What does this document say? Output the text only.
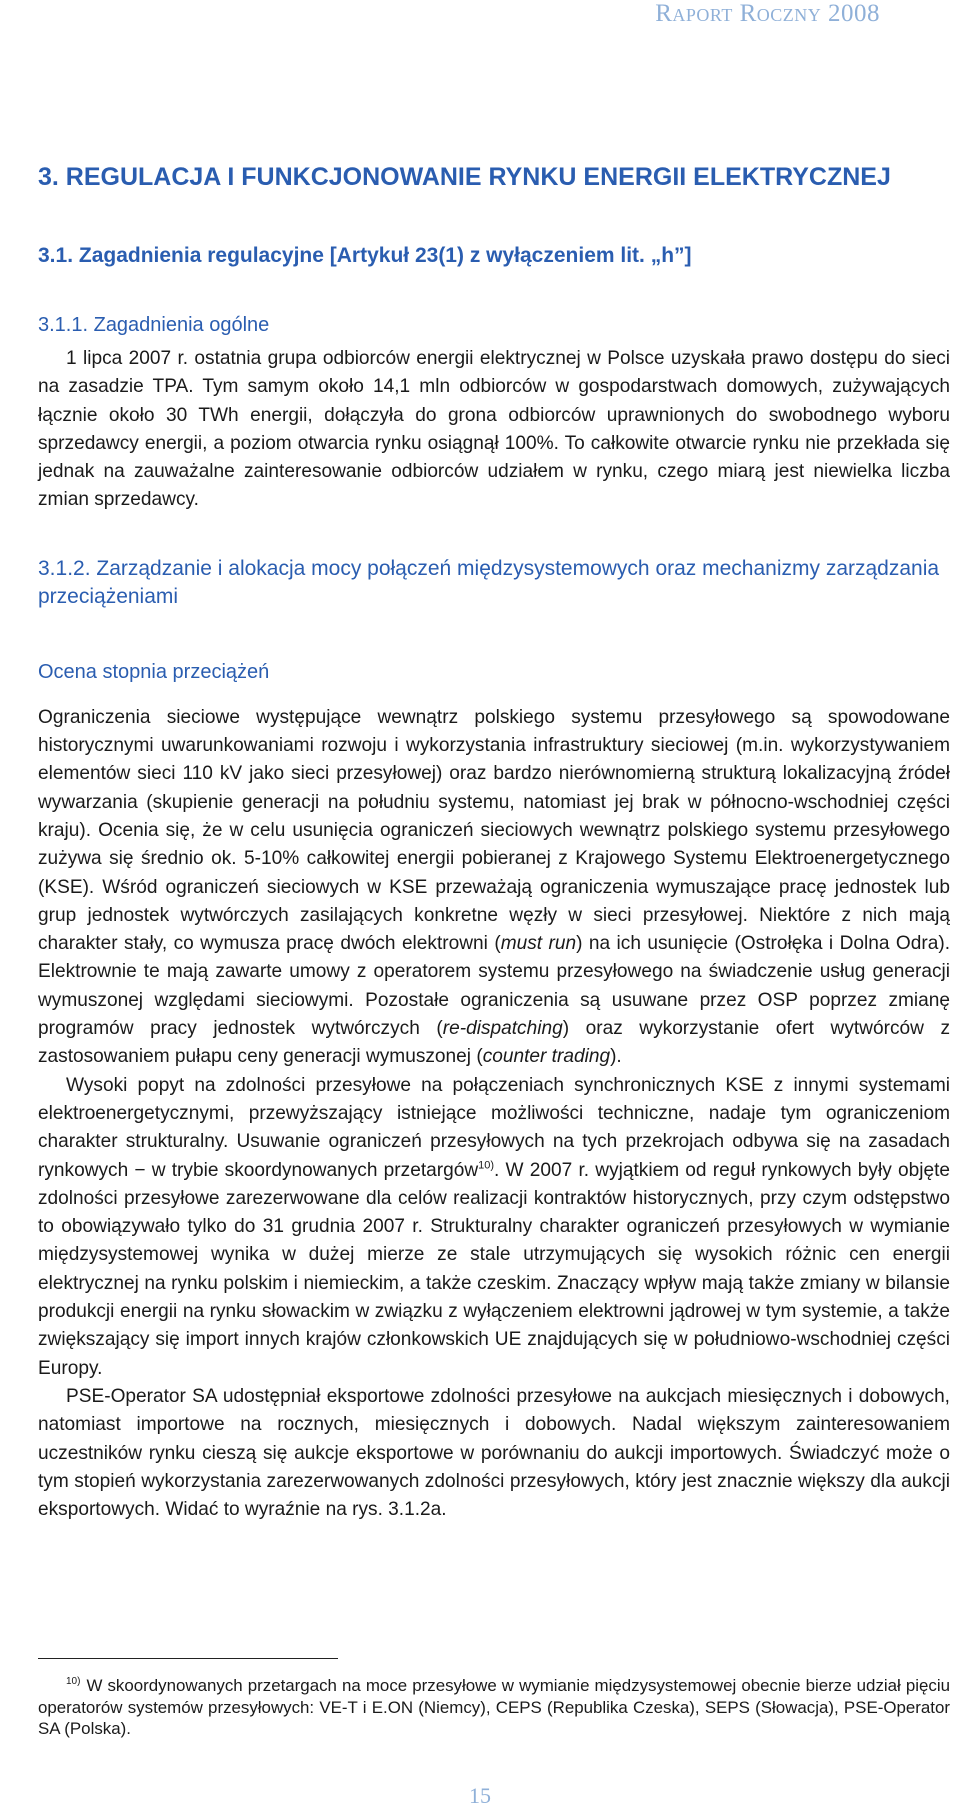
Raport Roczny 2008
3. REGULACJA I FUNKCJONOWANIE RYNKU ENERGII ELEKTRYCZNEJ
3.1. Zagadnienia regulacyjne [Artykuł 23(1) z wyłączeniem lit. „h”]
3.1.1. Zagadnienia ogólne

1 lipca 2007 r. ostatnia grupa odbiorców energii elektrycznej w Polsce uzyskała prawo dostępu do sieci na zasadzie TPA. Tym samym około 14,1 mln odbiorców w gospodarstwach domowych, zużywających łącznie około 30 TWh energii, dołączyła do grona odbiorców uprawnionych do swobodnego wyboru sprzedawcy energii, a poziom otwarcia rynku osiągnął 100%. To całkowite otwarcie rynku nie przekłada się jednak na zauważalne zainteresowanie odbiorców udziałem w rynku, czego miarą jest niewielka liczba zmian sprzedawcy.

3.1.2. Zarządzanie i alokacja mocy połączeń międzysystemowych oraz mechanizmy zarządzania przeciążeniami
Ocena stopnia przeciążeń

Ograniczenia sieciowe występujące wewnątrz polskiego systemu przesyłowego są spowodowane historycznymi uwarunkowaniami rozwoju i wykorzystania infrastruktury sieciowej (m.in. wykorzystywaniem elementów sieci 110 kV jako sieci przesyłowej) oraz bardzo nierównomierną strukturą lokalizacyjną źródeł wywarzania (skupienie generacji na południu systemu, natomiast jej brak w północno-wschodniej części kraju). Ocenia się, że w celu usunięcia ograniczeń sieciowych wewnątrz polskiego systemu przesyłowego zużywa się średnio ok. 5-10% całkowitej energii pobieranej z Krajowego Systemu Elektroenergetycznego (KSE). Wśród ograniczeń sieciowych w KSE przeważają ograniczenia wymuszające pracę jednostek lub grup jednostek wytwórczych zasilających konkretne węzły w sieci przesyłowej. Niektóre z nich mają charakter stały, co wymusza pracę dwóch elektrowni (must run) na ich usunięcie (Ostrołęka i Dolna Odra). Elektrownie te mają zawarte umowy z operatorem systemu przesyłowego na świadczenie usług generacji wymuszonej względami sieciowymi. Pozostałe ograniczenia są usuwane przez OSP poprzez zmianę programów pracy jednostek wytwórczych (re-dispatching) oraz wykorzystanie ofert wytwórców z zastosowaniem pułapu ceny generacji wymuszonej (counter trading).

Wysoki popyt na zdolności przesyłowe na połączeniach synchronicznych KSE z innymi systemami elektroenergetycznymi, przewyższający istniejące możliwości techniczne, nadaje tym ograniczeniom charakter strukturalny. Usuwanie ograniczeń przesyłowych na tych przekrojach odbywa się na zasadach rynkowych − w trybie skoordynowanych przetargów$^{10)}$. W 2007 r. wyjątkiem od reguł rynkowych były objęte zdolności przesyłowe zarezerwowane dla celów realizacji kontraktów historycznych, przy czym odstępstwo to obowiązywało tylko do 31 grudnia 2007 r. Strukturalny charakter ograniczeń przesyłowych w wymianie międzysystemowej wynika w dużej mierze ze stale utrzymujących się wysokich różnic cen energii elektrycznej na rynku polskim i niemieckim, a także czeskim. Znaczący wpływ mają także zmiany w bilansie produkcji energii na rynku słowackim w związku z wyłączeniem elektrowni jądrowej w tym systemie, a także zwiększający się import innych krajów członkowskich UE znajdujących się w południowo-wschodniej części Europy.

PSE-Operator SA udostępniał eksportowe zdolności przesyłowe na aukcjach miesięcznych i dobowych, natomiast importowe na rocznych, miesięcznych i dobowych. Nadal większym zainteresowaniem uczestników rynku cieszą się aukcje eksportowe w porównaniu do aukcji importowych. Świadczyć może o tym stopień wykorzystania zarezerwowanych zdolności przesyłowych, który jest znacznie większy dla aukcji eksportowych. Widać to wyraźnie na rys. 3.1.2a.

$^{10)}$ W skoordynowanych przetargach na moce przesyłowe w wymianie międzysystemowej obecnie bierze udział pięciu operatorów systemów przesyłowych: VE-T i E.ON (Niemcy), CEPS (Republika Czeska), SEPS (Słowacja), PSE-Operator SA (Polska).

15
